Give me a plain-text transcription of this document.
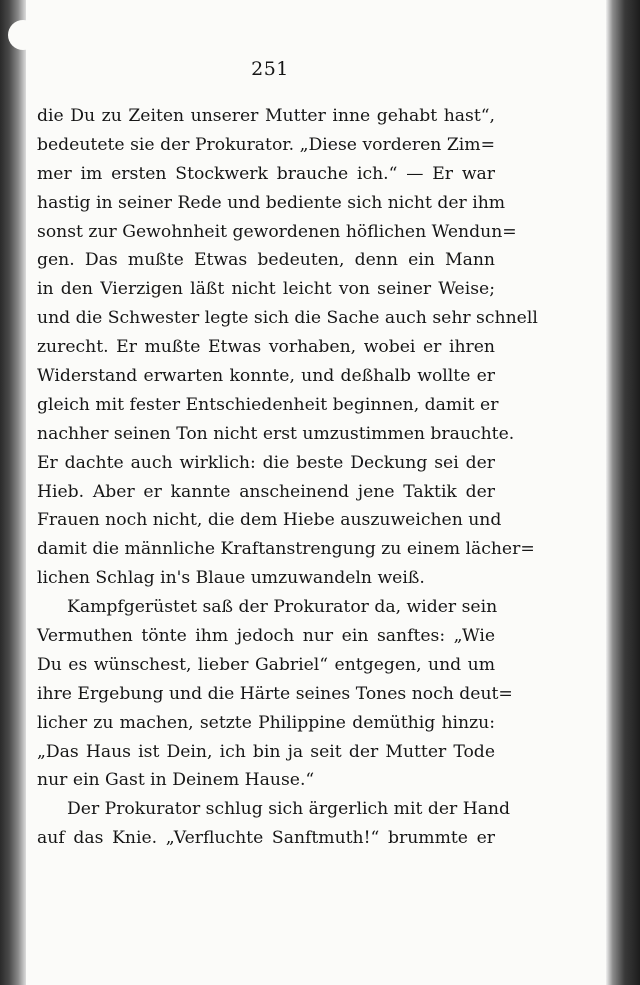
251
die Du zu Zeiten unserer Mutter inne gehabt hast“,
bedeutete sie der Prokurator. „Diese vorderen Zim=
mer im ersten Stockwerk brauche ich.“ — Er war
hastig in seiner Rede und bediente sich nicht der ihm
sonst zur Gewohnheit gewordenen höflichen Wendun=
gen. Das mußte Etwas bedeuten, denn ein Mann
in den Vierzigen läßt nicht leicht von seiner Weise;
und die Schwester legte sich die Sache auch sehr schnell
zurecht. Er mußte Etwas vorhaben, wobei er ihren
Widerstand erwarten konnte, und deßhalb wollte er
gleich mit fester Entschiedenheit beginnen, damit er
nachher seinen Ton nicht erst umzustimmen brauchte.
Er dachte auch wirklich: die beste Deckung sei der
Hieb. Aber er kannte anscheinend jene Taktik der
Frauen noch nicht, die dem Hiebe auszuweichen und
damit die männliche Kraftanstrengung zu einem lächer=
lichen Schlag in's Blaue umzuwandeln weiß.
Kampfgerüstet saß der Prokurator da, wider sein
Vermuthen tönte ihm jedoch nur ein sanftes: „Wie
Du es wünschest, lieber Gabriel“ entgegen, und um
ihre Ergebung und die Härte seines Tones noch deut=
licher zu machen, setzte Philippine demüthig hinzu:
„Das Haus ist Dein, ich bin ja seit der Mutter Tode
nur ein Gast in Deinem Hause.“
Der Prokurator schlug sich ärgerlich mit der Hand
auf das Knie. „Verfluchte Sanftmuth!“ brummte er
